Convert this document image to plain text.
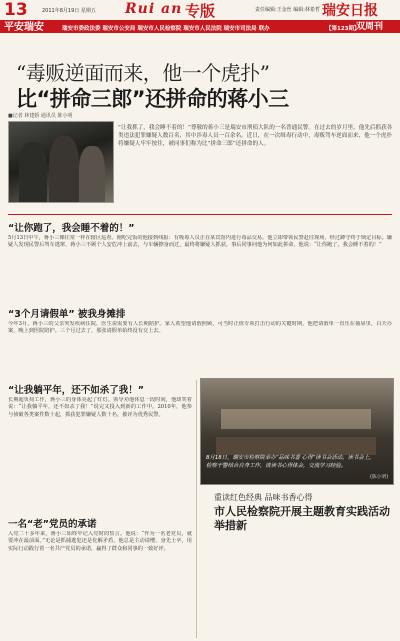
13	2011年8月19日 星期五 Rui an 专版	责任编辑:王金丝 编辑:林希哲 瑞安日报
平安瑞安	瑞安市委政法委 瑞安市公安局 瑞安市人民检察院 瑞安市人民法院 瑞安市司法局 联办	【第123期】
双周刊
“毒贩逆面而来，他一个虎扑”
比“拼命三郎”还拼命的蒋小三
■记者 林建娇 通讯员 陈小明
“让我抓了，我会睡不着的！”尊敬的蒋小三是瑞安市刑侦大队的一名普通民警。在过去的岁月里，他先后抓获各类违法犯罪嫌疑人数百名，其中涉毒人员一百余名。近日，在一次缉毒行动中，毒贩驾车逆面而来，他一个虎扑将嫌疑人牢牢按住，被同事们称为比“拼命三郎”还拼命的人。
“让你跑了，我会睡不着的！”
5月13日中午，蒋小三像往常一样在辖区巡查。刚吃完饭的他接到线报：有吸毒人员正在某宾馆内进行毒品交易。他立即带领民警赶往现场，经过蹲守终于锁定目标。嫌疑人发现民警后驾车逃窜，蒋小三不顾个人安危冲上前去，与车辆擦身而过，最终将嫌疑人抓获。事后同事问他为何如此拼命，他说：“让你跑了，我会睡不着的！”
“3个月请假单” 被我身摊排
今年3月，蒋小三的父亲突发疾病住院，医生说需要有人长期陪护。家人希望他请假照顾，可当时正值专项打击行动的关键时期，他把请假单一直压在抽屉里，白天办案，晚上到医院陪护。三个月过去了，那张请假单始终没有交上去。
“让我躺平年，还不如杀了我！”
长期超负荷工作，蒋小三的身体亮起了红灯。领导劝他休息一段时间，他却笑着说：“让我躺平年，还不如杀了我！”说完又投入到新的工作中。2010年，他参与侦破各类案件数十起，抓获犯罪嫌疑人数十名，被评为优秀民警。
一名“老”党员的承诺
入党二十多年来，蒋小三始终牢记入党时的誓言。他说：“作为一名老党员，就要冲在最前面。”无论是抓捕逃犯还是化解矛盾，他总是主动请缨，身先士卒，用实际行动践行着一名共产党员的承诺，赢得了群众和同事的一致好评。
8月18日，瑞安市检察院举办“品味书香 心得”读书会活动。读书会上，检察干警结合自身工作，谈读书心得体会，交流学习经验。
(陈小明)
重读红色经典 品味书香心得
市人民检察院开展主题教育实践活动举措新
